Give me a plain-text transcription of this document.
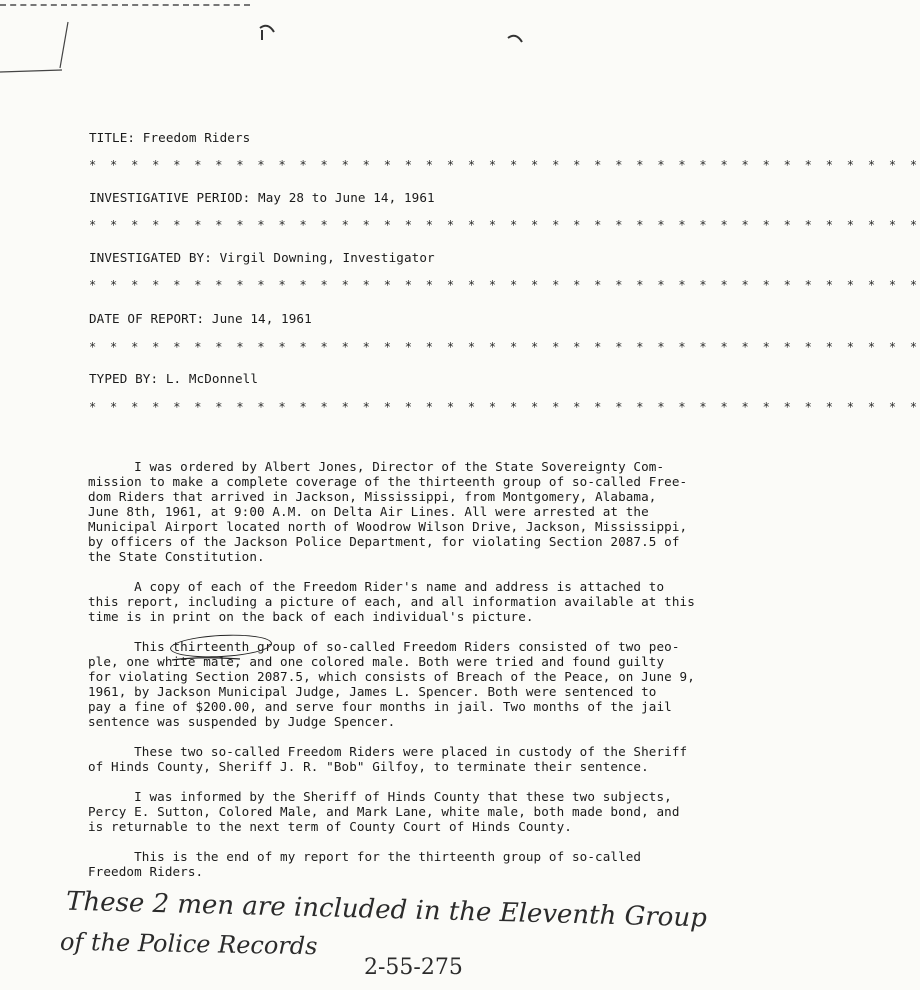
TITLE: Freedom Riders
* * * * * * * * * * * * * * * * * * * * * * * * * * * * * * * * * * * * * * * *
INVESTIGATIVE PERIOD: May 28 to June 14, 1961
* * * * * * * * * * * * * * * * * * * * * * * * * * * * * * * * * * * * * * * *
INVESTIGATED BY: Virgil Downing, Investigator
* * * * * * * * * * * * * * * * * * * * * * * * * * * * * * * * * * * * * * * *
DATE OF REPORT: June 14, 1961
* * * * * * * * * * * * * * * * * * * * * * * * * * * * * * * * * * * * * * * *
TYPED BY: L. McDonnell
* * * * * * * * * * * * * * * * * * * * * * * * * * * * * * * * * * * * * * * *
I was ordered by Albert Jones, Director of the State Sovereignty Com-
mission to make a complete coverage of the thirteenth group of so-called Free-
dom Riders that arrived in Jackson, Mississippi, from Montgomery, Alabama,
June 8th, 1961, at 9:00 A.M. on Delta Air Lines. All were arrested at the
Municipal Airport located north of Woodrow Wilson Drive, Jackson, Mississippi,
by officers of the Jackson Police Department, for violating Section 2087.5 of
the State Constitution.
A copy of each of the Freedom Rider's name and address is attached to
this report, including a picture of each, and all information available at this
time is in print on the back of each individual's picture.
This thirteenth group of so-called Freedom Riders consisted of two peo-
ple, one white male, and one colored male. Both were tried and found guilty
for violating Section 2087.5, which consists of Breach of the Peace, on June 9,
1961, by Jackson Municipal Judge, James L. Spencer. Both were sentenced to
pay a fine of $200.00, and serve four months in jail. Two months of the jail
sentence was suspended by Judge Spencer.
These two so-called Freedom Riders were placed in custody of the Sheriff
of Hinds County, Sheriff J. R. "Bob" Gilfoy, to terminate their sentence.
I was informed by the Sheriff of Hinds County that these two subjects,
Percy E. Sutton, Colored Male, and Mark Lane, white male, both made bond, and
is returnable to the next term of County Court of Hinds County.
This is the end of my report for the thirteenth group of so-called
Freedom Riders.
These 2 men are included in the Eleventh Group
of the Police Records
2-55-275
